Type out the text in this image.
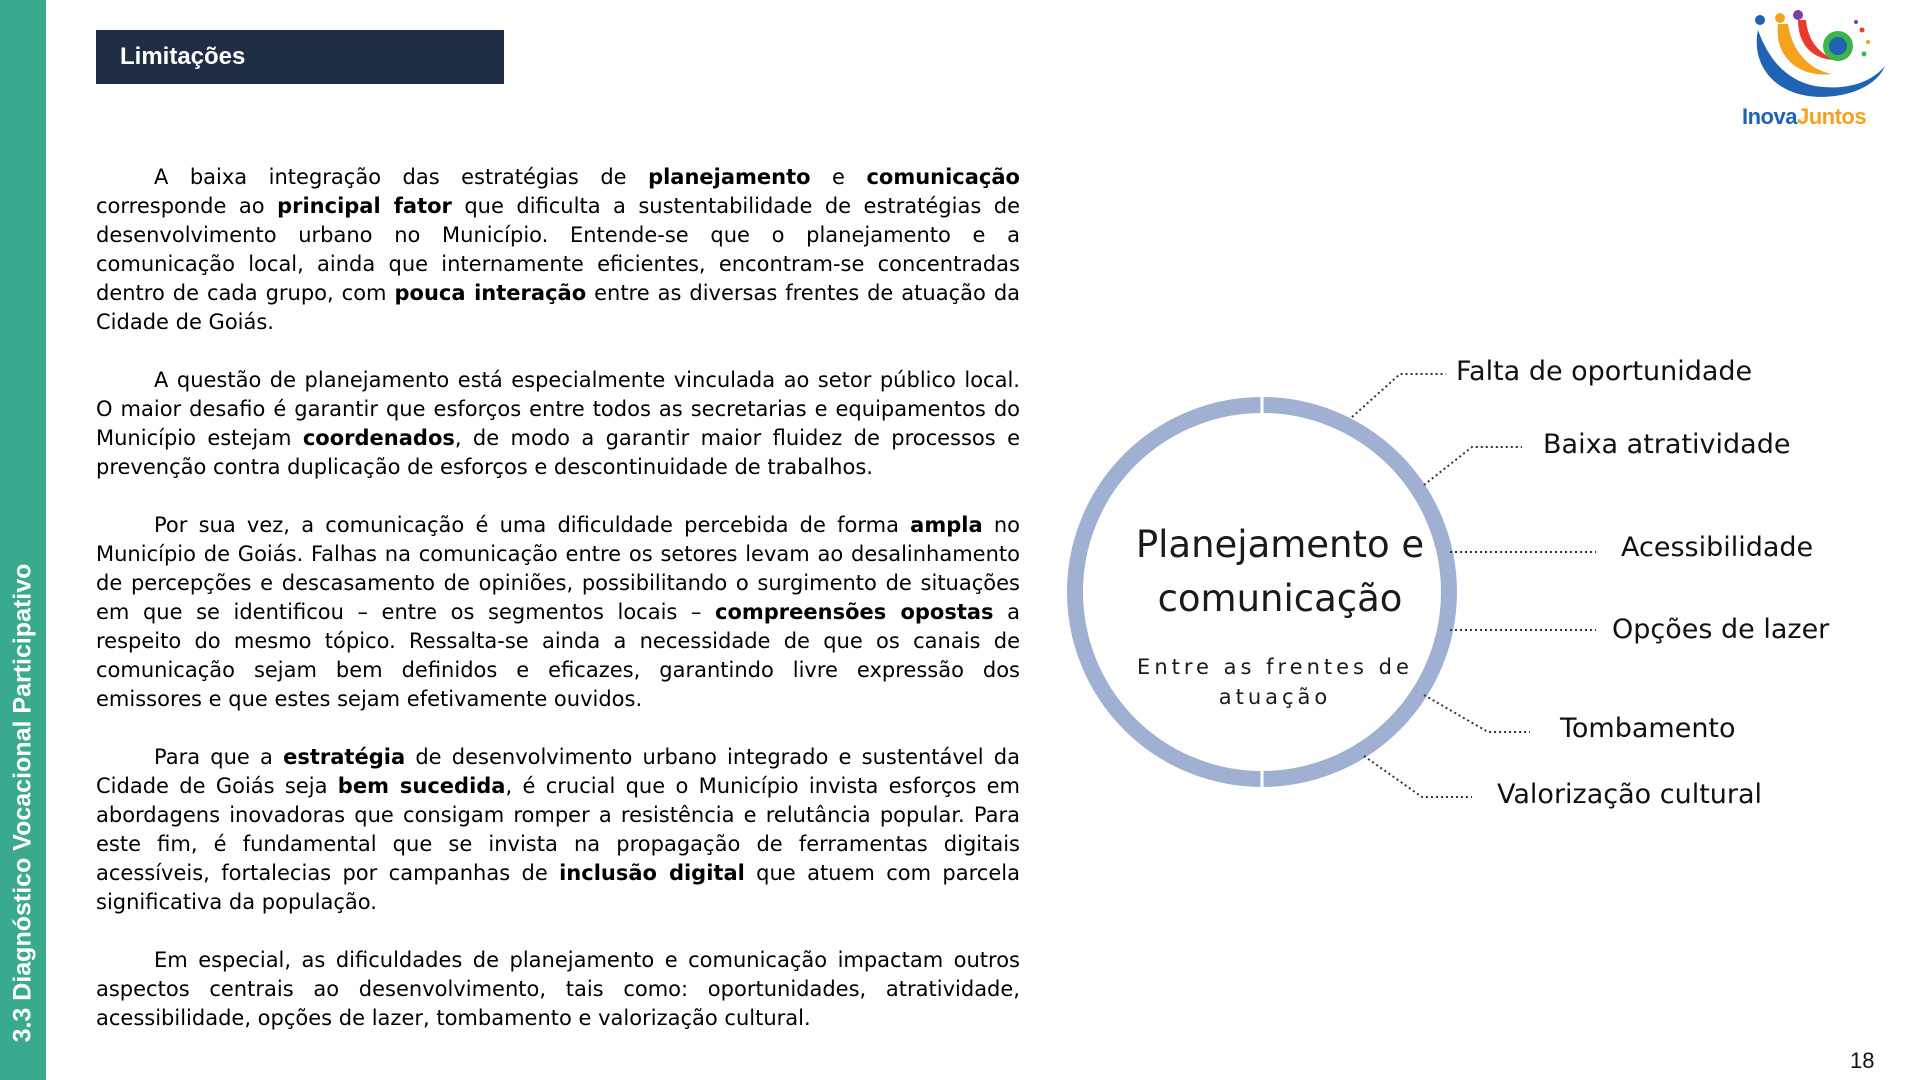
3.3 Diagnóstico Vocacional Participativo
Limitações
InovaJuntos

A baixa integração das estratégias de planejamento e comunicação corresponde ao principal fator que dificulta a sustentabilidade de estratégias de desenvolvimento urbano no Município. Entende-se que o planejamento e a comunicação local, ainda que internamente eficientes, encontram-se concentradas dentro de cada grupo, com pouca interação entre as diversas frentes de atuação da Cidade de Goiás.

A questão de planejamento está especialmente vinculada ao setor público local. O maior desafio é garantir que esforços entre todos as secretarias e equipamentos do Município estejam coordenados, de modo a garantir maior fluidez de processos e prevenção contra duplicação de esforços e descontinuidade de trabalhos.

Por sua vez, a comunicação é uma dificuldade percebida de forma ampla no Município de Goiás. Falhas na comunicação entre os setores levam ao desalinhamento de percepções e descasamento de opiniões, possibilitando o surgimento de situações em que se identificou – entre os segmentos locais – compreensões opostas a respeito do mesmo tópico. Ressalta-se ainda a necessidade de que os canais de comunicação sejam bem definidos e eficazes, garantindo livre expressão dos emissores e que estes sejam efetivamente ouvidos.

Para que a estratégia de desenvolvimento urbano integrado e sustentável da Cidade de Goiás seja bem sucedida, é crucial que o Município invista esforços em abordagens inovadoras que consigam romper a resistência e relutância popular. Para este fim, é fundamental que se invista na propagação de ferramentas digitais acessíveis, fortalecias por campanhas de inclusão digital que atuem com parcela significativa da população.

Em especial, as dificuldades de planejamento e comunicação impactam outros aspectos centrais ao desenvolvimento, tais como: oportunidades, atratividade, acessibilidade, opções de lazer, tombamento e valorização cultural.

Planejamento e
comunicação
Entre as frentes de
atuação
Falta de oportunidade
Baixa atratividade
Acessibilidade
Opções de lazer
Tombamento
Valorização cultural
18
